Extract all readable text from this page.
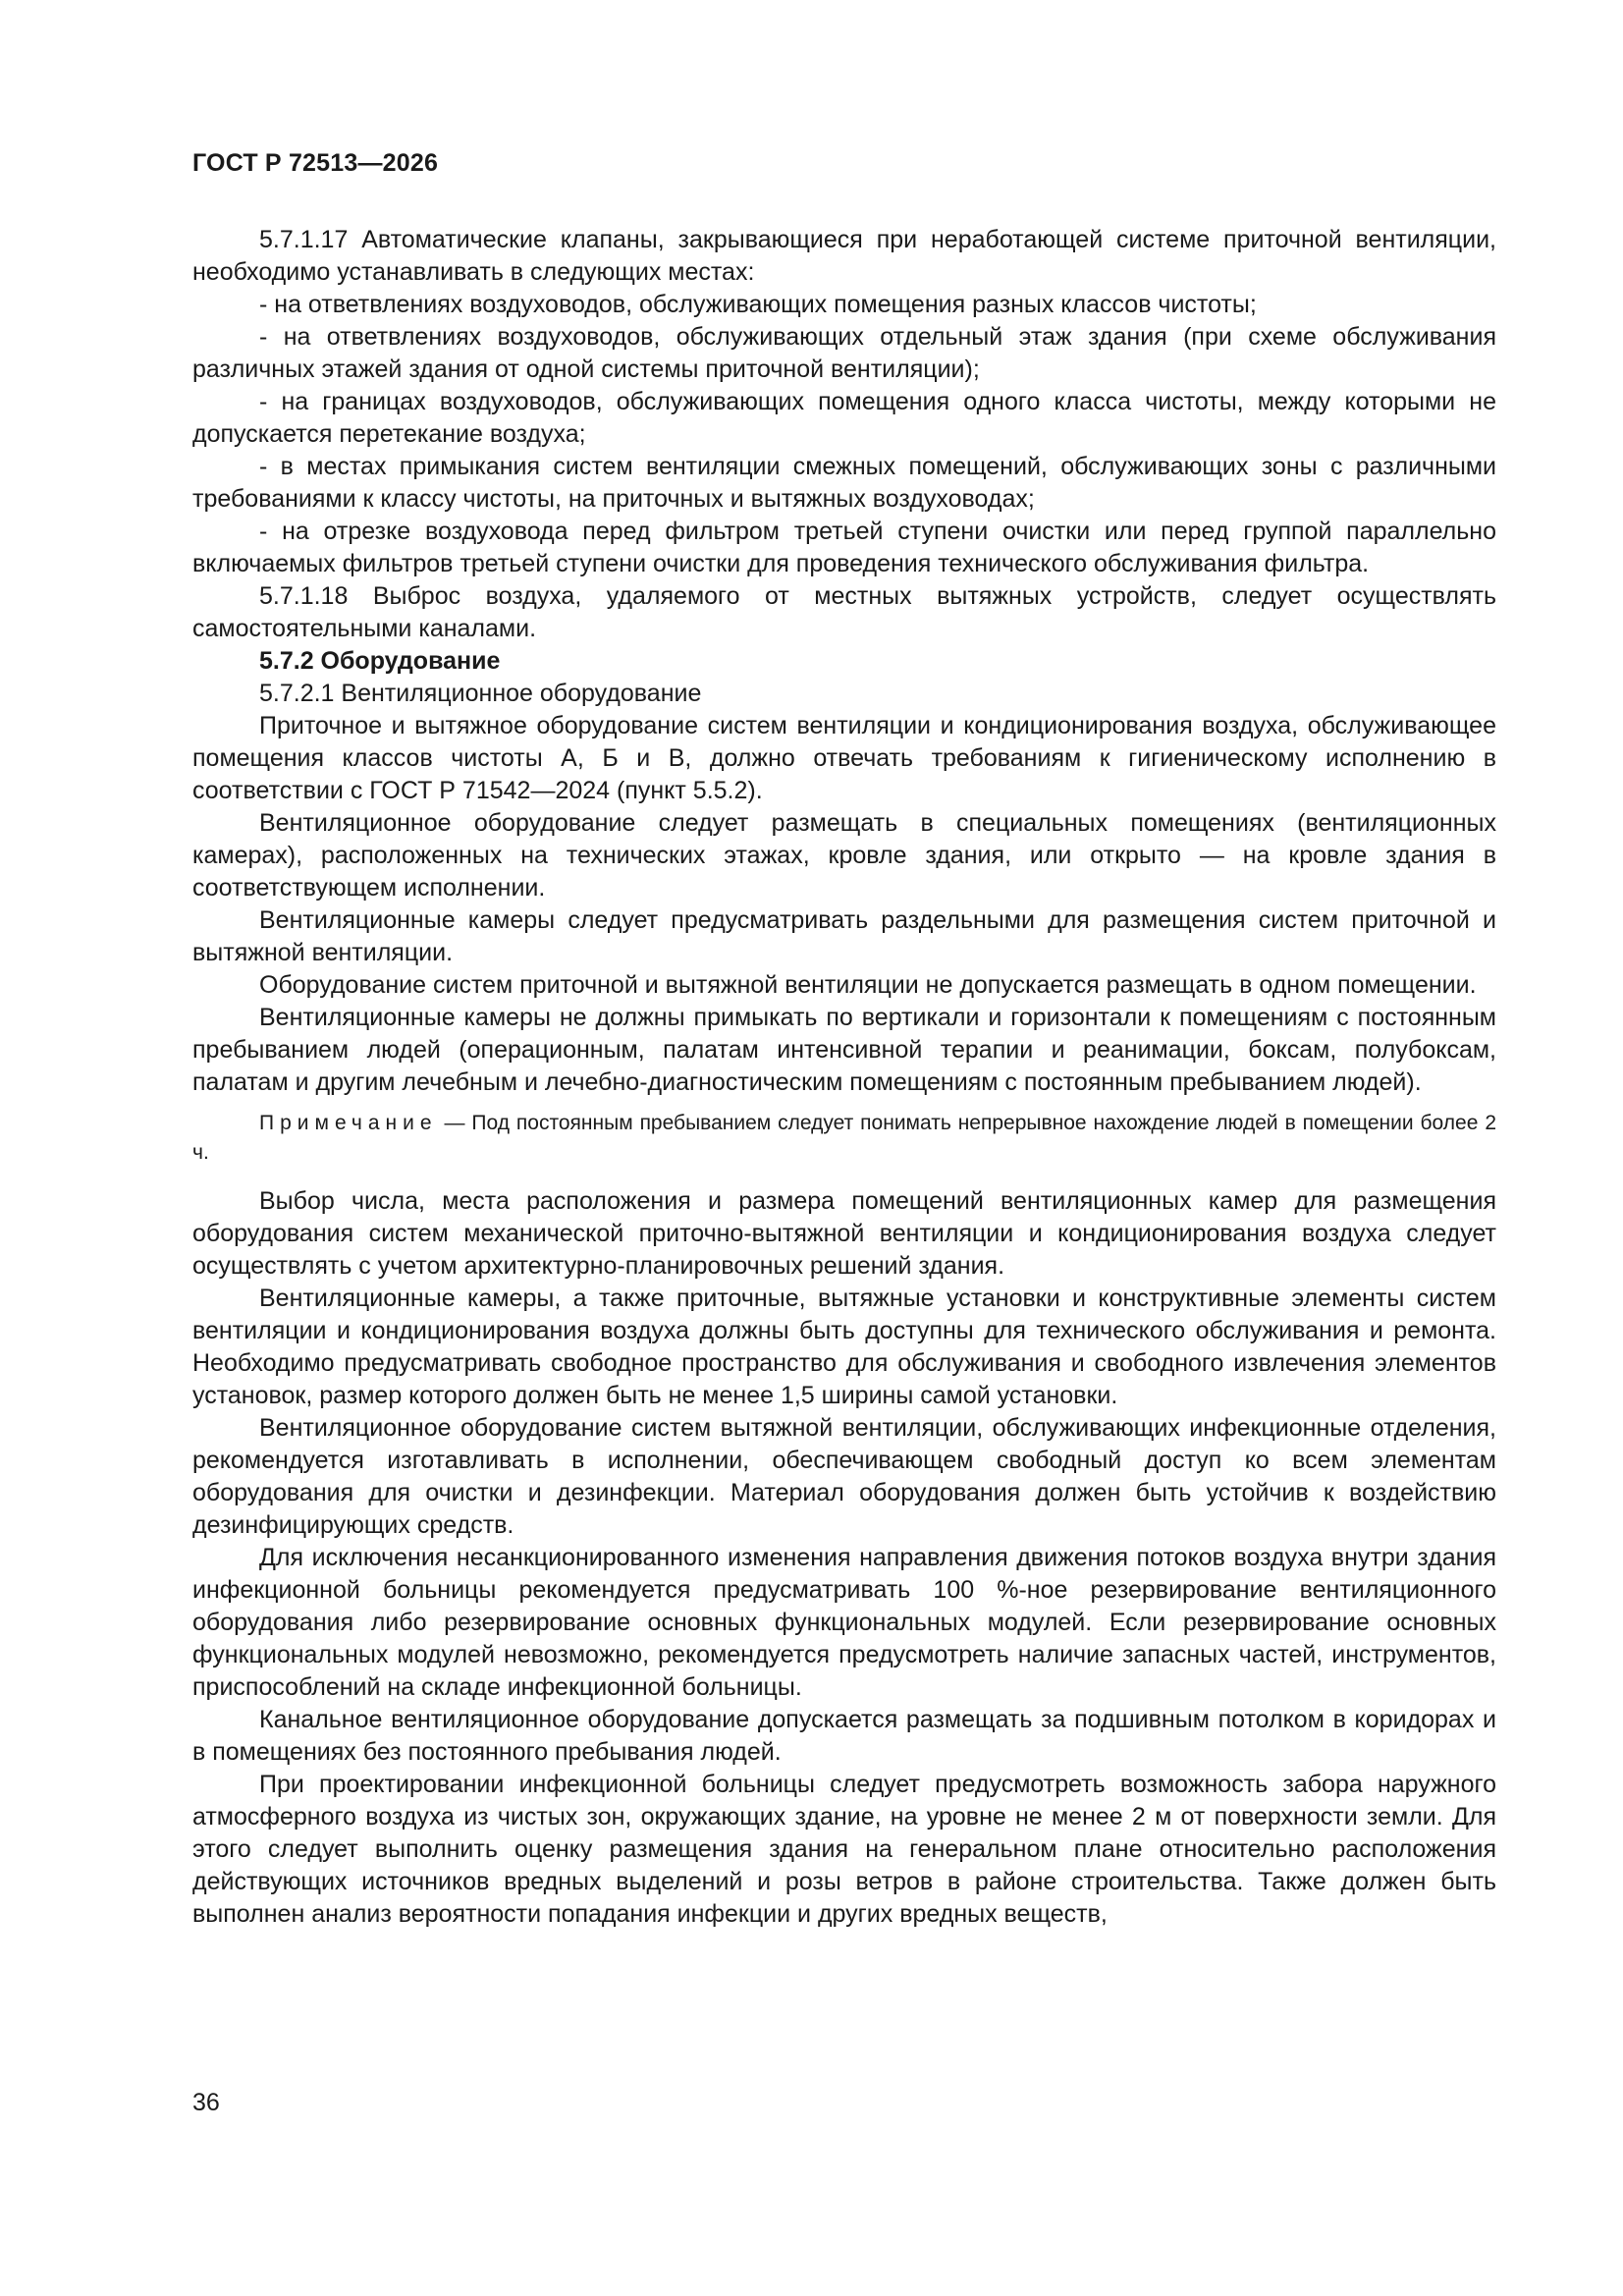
ГОСТ Р 72513—2026

5.7.1.17 Автоматические клапаны, закрывающиеся при неработающей системе приточной вентиляции, необходимо устанавливать в следующих местах:

- на ответвлениях воздуховодов, обслуживающих помещения разных классов чистоты;

- на ответвлениях воздуховодов, обслуживающих отдельный этаж здания (при схеме обслуживания различных этажей здания от одной системы приточной вентиляции);

- на границах воздуховодов, обслуживающих помещения одного класса чистоты, между которыми не допускается перетекание воздуха;

- в местах примыкания систем вентиляции смежных помещений, обслуживающих зоны с различными требованиями к классу чистоты, на приточных и вытяжных воздуховодах;

- на отрезке воздуховода перед фильтром третьей ступени очистки или перед группой параллельно включаемых фильтров третьей ступени очистки для проведения технического обслуживания фильтра.

5.7.1.18 Выброс воздуха, удаляемого от местных вытяжных устройств, следует осуществлять самостоятельными каналами.

5.7.2 Оборудование

5.7.2.1 Вентиляционное оборудование

Приточное и вытяжное оборудование систем вентиляции и кондиционирования воздуха, обслуживающее помещения классов чистоты А, Б и В, должно отвечать требованиям к гигиеническому исполнению в соответствии с ГОСТ Р 71542—2024 (пункт 5.5.2).

Вентиляционное оборудование следует размещать в специальных помещениях (вентиляционных камерах), расположенных на технических этажах, кровле здания, или открыто — на кровле здания в соответствующем исполнении.

Вентиляционные камеры следует предусматривать раздельными для размещения систем приточной и вытяжной вентиляции.

Оборудование систем приточной и вытяжной вентиляции не допускается размещать в одном помещении.

Вентиляционные камеры не должны примыкать по вертикали и горизонтали к помещениям с постоянным пребыванием людей (операционным, палатам интенсивной терапии и реанимации, боксам, полубоксам, палатам и другим лечебным и лечебно-диагностическим помещениям с постоянным пребыванием людей).

Примечание — Под постоянным пребыванием следует понимать непрерывное нахождение людей в помещении более 2 ч.

Выбор числа, места расположения и размера помещений вентиляционных камер для размещения оборудования систем механической приточно-вытяжной вентиляции и кондиционирования воздуха следует осуществлять с учетом архитектурно-планировочных решений здания.

Вентиляционные камеры, а также приточные, вытяжные установки и конструктивные элементы систем вентиляции и кондиционирования воздуха должны быть доступны для технического обслуживания и ремонта. Необходимо предусматривать свободное пространство для обслуживания и свободного извлечения элементов установок, размер которого должен быть не менее 1,5 ширины самой установки.

Вентиляционное оборудование систем вытяжной вентиляции, обслуживающих инфекционные отделения, рекомендуется изготавливать в исполнении, обеспечивающем свободный доступ ко всем элементам оборудования для очистки и дезинфекции. Материал оборудования должен быть устойчив к воздействию дезинфицирующих средств.

Для исключения несанкционированного изменения направления движения потоков воздуха внутри здания инфекционной больницы рекомендуется предусматривать 100 %-ное резервирование вентиляционного оборудования либо резервирование основных функциональных модулей. Если резервирование основных функциональных модулей невозможно, рекомендуется предусмотреть наличие запасных частей, инструментов, приспособлений на складе инфекционной больницы.

Канальное вентиляционное оборудование допускается размещать за подшивным потолком в коридорах и в помещениях без постоянного пребывания людей.

При проектировании инфекционной больницы следует предусмотреть возможность забора наружного атмосферного воздуха из чистых зон, окружающих здание, на уровне не менее 2 м от поверхности земли. Для этого следует выполнить оценку размещения здания на генеральном плане относительно расположения действующих источников вредных выделений и розы ветров в районе строительства. Также должен быть выполнен анализ вероятности попадания инфекции и других вредных веществ,

36
